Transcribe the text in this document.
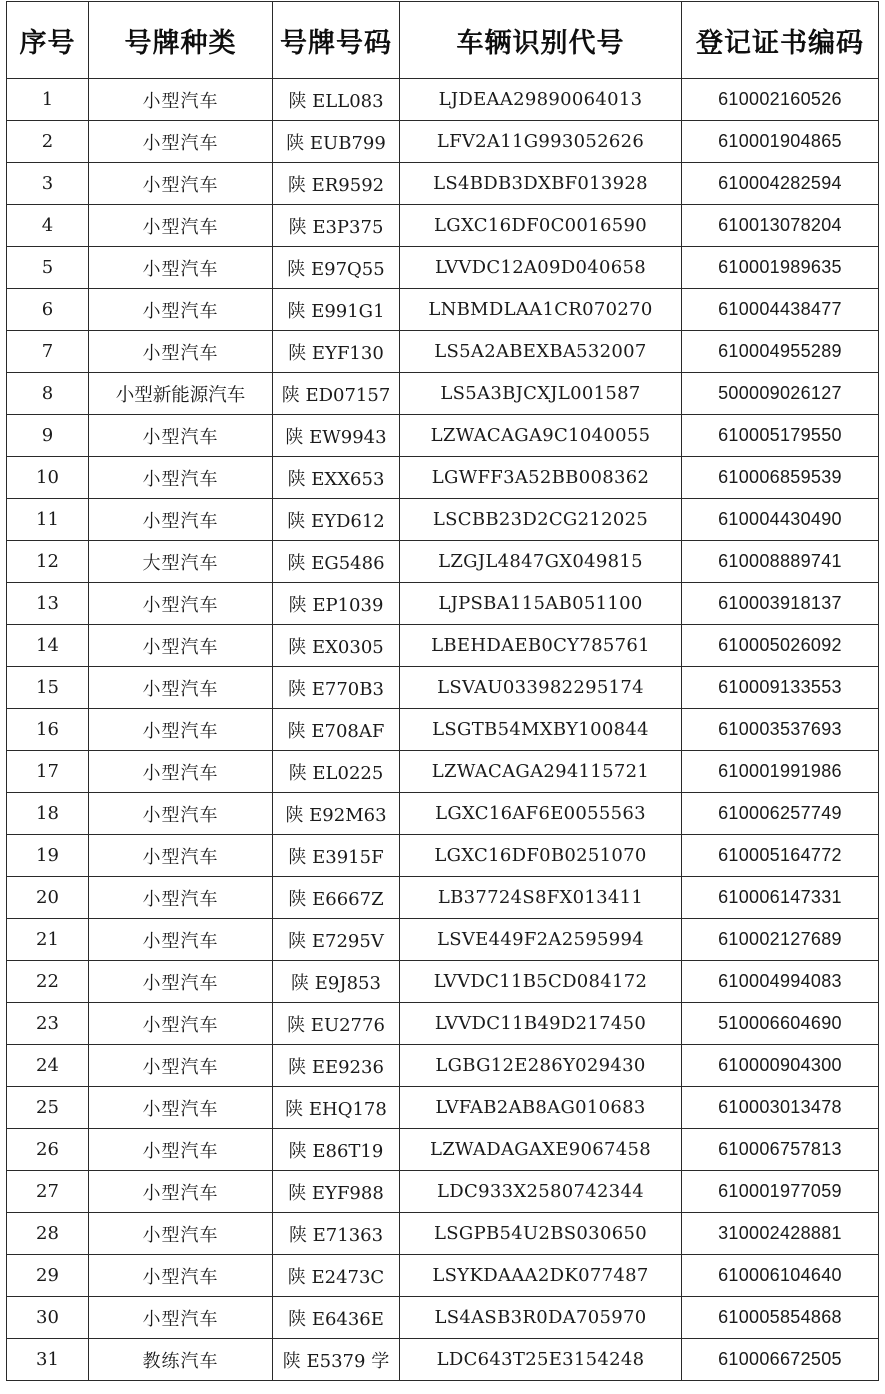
序号	号牌种类	号牌号码	车辆识别代号	登记证书编码
1	小型汽车	陕 ELL083	LJDEAA29890064013	610002160526
2	小型汽车	陕 EUB799	LFV2A11G993052626	610001904865
3	小型汽车	陕 ER9592	LS4BDB3DXBF013928	610004282594
4	小型汽车	陕 E3P375	LGXC16DF0C0016590	610013078204
5	小型汽车	陕 E97Q55	LVVDC12A09D040658	610001989635
6	小型汽车	陕 E991G1	LNBMDLAA1CR070270	610004438477
7	小型汽车	陕 EYF130	LS5A2ABEXBA532007	610004955289
8	小型新能源汽车	陕 ED07157	LS5A3BJCXJL001587	500009026127
9	小型汽车	陕 EW9943	LZWACAGA9C1040055	610005179550
10	小型汽车	陕 EXX653	LGWFF3A52BB008362	610006859539
11	小型汽车	陕 EYD612	LSCBB23D2CG212025	610004430490
12	大型汽车	陕 EG5486	LZGJL4847GX049815	610008889741
13	小型汽车	陕 EP1039	LJPSBA115AB051100	610003918137
14	小型汽车	陕 EX0305	LBEHDAEB0CY785761	610005026092
15	小型汽车	陕 E770B3	LSVAU033982295174	610009133553
16	小型汽车	陕 E708AF	LSGTB54MXBY100844	610003537693
17	小型汽车	陕 EL0225	LZWACAGA294115721	610001991986
18	小型汽车	陕 E92M63	LGXC16AF6E0055563	610006257749
19	小型汽车	陕 E3915F	LGXC16DF0B0251070	610005164772
20	小型汽车	陕 E6667Z	LB37724S8FX013411	610006147331
21	小型汽车	陕 E7295V	LSVE449F2A2595994	610002127689
22	小型汽车	陕 E9J853	LVVDC11B5CD084172	610004994083
23	小型汽车	陕 EU2776	LVVDC11B49D217450	510006604690
24	小型汽车	陕 EE9236	LGBG12E286Y029430	610000904300
25	小型汽车	陕 EHQ178	LVFAB2AB8AG010683	610003013478
26	小型汽车	陕 E86T19	LZWADAGAXE9067458	610006757813
27	小型汽车	陕 EYF988	LDC933X2580742344	610001977059
28	小型汽车	陕 E71363	LSGPB54U2BS030650	310002428881
29	小型汽车	陕 E2473C	LSYKDAAA2DK077487	610006104640
30	小型汽车	陕 E6436E	LS4ASB3R0DA705970	610005854868
31	教练汽车	陕 E5379 学	LDC643T25E3154248	610006672505
